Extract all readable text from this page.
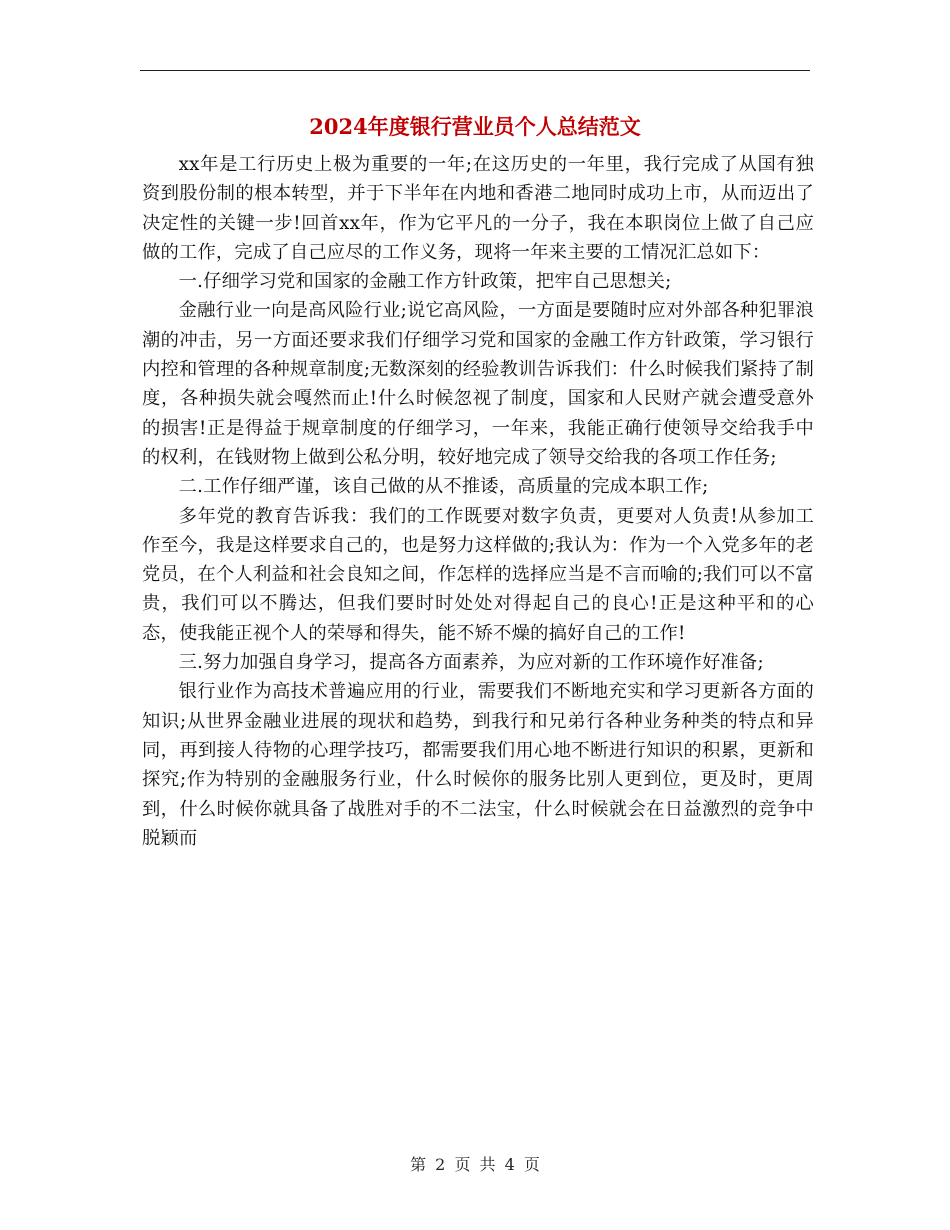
2024年度银行营业员个人总结范文

xx年是工行历史上极为重要的一年;在这历史的一年里，我行完成了从国有独资到股份制的根本转型，并于下半年在内地和香港二地同时成功上市，从而迈出了决定性的关键一步!回首xx年，作为它平凡的一分子，我在本职岗位上做了自己应做的工作，完成了自己应尽的工作义务，现将一年来主要的工情况汇总如下：

一.仔细学习党和国家的金融工作方针政策，把牢自己思想关;

金融行业一向是高风险行业;说它高风险，一方面是要随时应对外部各种犯罪浪潮的冲击，另一方面还要求我们仔细学习党和国家的金融工作方针政策，学习银行内控和管理的各种规章制度;无数深刻的经验教训告诉我们：什么时候我们紧持了制度，各种损失就会嘎然而止!什么时候忽视了制度，国家和人民财产就会遭受意外的损害!正是得益于规章制度的仔细学习，一年来，我能正确行使领导交给我手中的权利，在钱财物上做到公私分明，较好地完成了领导交给我的各项工作任务;

二.工作仔细严谨，该自己做的从不推诿，高质量的完成本职工作;

多年党的教育告诉我：我们的工作既要对数字负责，更要对人负责!从参加工作至今，我是这样要求自己的，也是努力这样做的;我认为：作为一个入党多年的老党员，在个人利益和社会良知之间，作怎样的选择应当是不言而喻的;我们可以不富贵，我们可以不腾达，但我们要时时处处对得起自己的良心!正是这种平和的心态，使我能正视个人的荣辱和得失，能不矫不燥的搞好自己的工作!

三.努力加强自身学习，提高各方面素养，为应对新的工作环境作好准备;

银行业作为高技术普遍应用的行业，需要我们不断地充实和学习更新各方面的知识;从世界金融业进展的现状和趋势，到我行和兄弟行各种业务种类的特点和异同，再到接人待物的心理学技巧，都需要我们用心地不断进行知识的积累，更新和探究;作为特别的金融服务行业，什么时候你的服务比别人更到位，更及时，更周到，什么时候你就具备了战胜对手的不二法宝，什么时候就会在日益激烈的竞争中脱颖而

第 2 页 共 4 页
